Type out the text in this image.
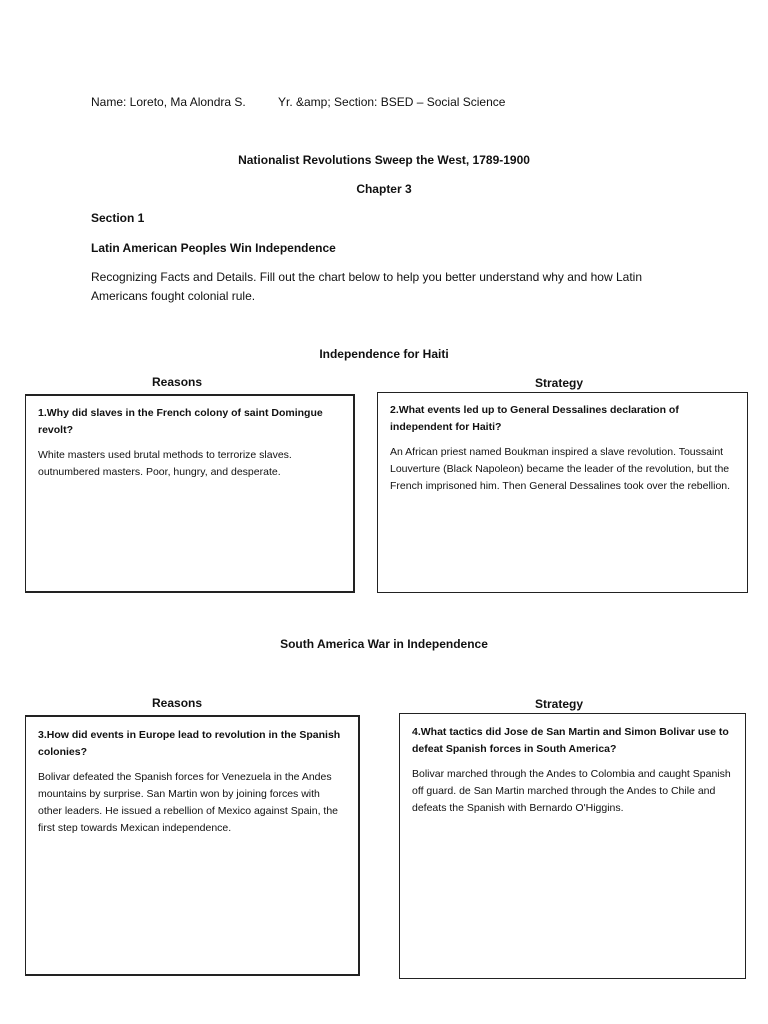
Name: Loreto, Ma Alondra S.	Yr. &amp; Section: BSED – Social Science
Nationalist Revolutions Sweep the West, 1789-1900
Chapter 3
Section 1
Latin American Peoples Win Independence
Recognizing Facts and Details. Fill out the chart below to help you better understand why and how Latin
Americans fought colonial rule.
Independence for Haiti
Reasons	Strategy

1.Why did slaves in the French colony of saint Domingue revolt?

White masters used brutal methods to terrorize slaves. outnumbered masters. Poor, hungry, and desperate.

2.What events led up to General Dessalines declaration of independent for Haiti?

An African priest named Boukman inspired a slave revolution. Toussaint Louverture (Black Napoleon) became the leader of the revolution, but the French imprisoned him. Then General Dessalines took over the rebellion.

South America War in Independence
Reasons	Strategy

3.How did events in Europe lead to revolution in the Spanish colonies?

Bolivar defeated the Spanish forces for Venezuela in the Andes mountains by surprise. San Martin won by joining forces with other leaders. He issued a rebellion of Mexico against Spain, the first step towards Mexican independence.

4.What tactics did Jose de San Martin and Simon Bolivar use to defeat Spanish forces in South America?

Bolivar marched through the Andes to Colombia and caught Spanish off guard. de San Martin marched through the Andes to Chile and defeats the Spanish with Bernardo O'Higgins.
